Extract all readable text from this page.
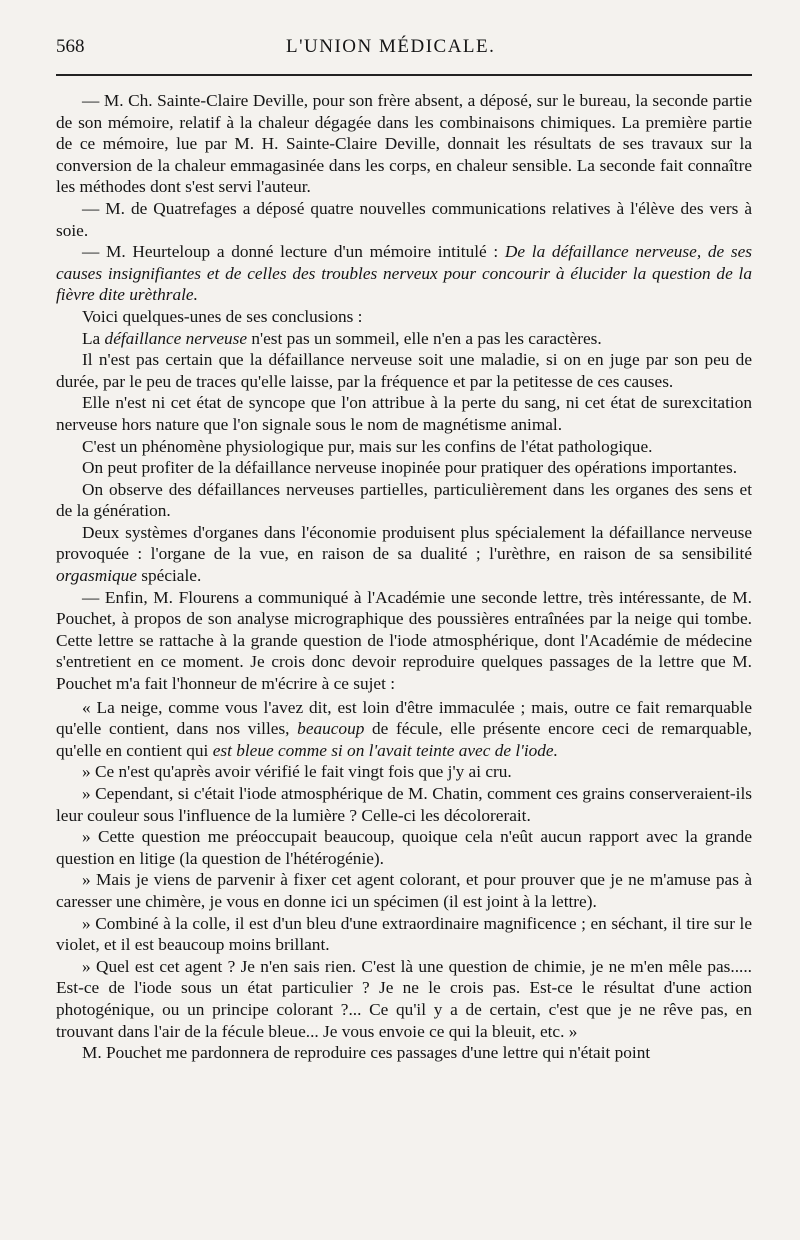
568	L'UNION MÉDICALE.

— M. Ch. Sainte-Claire Deville, pour son frère absent, a déposé, sur le bureau, la seconde partie de son mémoire, relatif à la chaleur dégagée dans les combinaisons chimiques. La première partie de ce mémoire, lue par M. H. Sainte-Claire Deville, donnait les résultats de ses travaux sur la conversion de la chaleur emmagasinée dans les corps, en chaleur sensible. La seconde fait connaître les méthodes dont s'est servi l'auteur.

— M. de Quatrefages a déposé quatre nouvelles communications relatives à l'élève des vers à soie.

— M. Heurteloup a donné lecture d'un mémoire intitulé : De la défaillance nerveuse, de ses causes insignifiantes et de celles des troubles nerveux pour concourir à élucider la question de la fièvre dite urèthrale.

Voici quelques-unes de ses conclusions :

La défaillance nerveuse n'est pas un sommeil, elle n'en a pas les caractères.

Il n'est pas certain que la défaillance nerveuse soit une maladie, si on en juge par son peu de durée, par le peu de traces qu'elle laisse, par la fréquence et par la petitesse de ces causes.

Elle n'est ni cet état de syncope que l'on attribue à la perte du sang, ni cet état de surexcitation nerveuse hors nature que l'on signale sous le nom de magnétisme animal.

C'est un phénomène physiologique pur, mais sur les confins de l'état pathologique.

On peut profiter de la défaillance nerveuse inopinée pour pratiquer des opérations importantes.

On observe des défaillances nerveuses partielles, particulièrement dans les organes des sens et de la génération.

Deux systèmes d'organes dans l'économie produisent plus spécialement la défaillance nerveuse provoquée : l'organe de la vue, en raison de sa dualité ; l'urèthre, en raison de sa sensibilité orgasmique spéciale.

— Enfin, M. Flourens a communiqué à l'Académie une seconde lettre, très intéressante, de M. Pouchet, à propos de son analyse micrographique des poussières entraînées par la neige qui tombe. Cette lettre se rattache à la grande question de l'iode atmosphérique, dont l'Académie de médecine s'entretient en ce moment. Je crois donc devoir reproduire quelques passages de la lettre que M. Pouchet m'a fait l'honneur de m'écrire à ce sujet :

« La neige, comme vous l'avez dit, est loin d'être immaculée ; mais, outre ce fait remarquable qu'elle contient, dans nos villes, beaucoup de fécule, elle présente encore ceci de remarquable, qu'elle en contient qui est bleue comme si on l'avait teinte avec de l'iode.

» Ce n'est qu'après avoir vérifié le fait vingt fois que j'y ai cru.

» Cependant, si c'était l'iode atmosphérique de M. Chatin, comment ces grains conserveraient-ils leur couleur sous l'influence de la lumière ? Celle-ci les décolorerait.

» Cette question me préoccupait beaucoup, quoique cela n'eût aucun rapport avec la grande question en litige (la question de l'hétérogénie).

» Mais je viens de parvenir à fixer cet agent colorant, et pour prouver que je ne m'amuse pas à caresser une chimère, je vous en donne ici un spécimen (il est joint à la lettre).

» Combiné à la colle, il est d'un bleu d'une extraordinaire magnificence ; en séchant, il tire sur le violet, et il est beaucoup moins brillant.

» Quel est cet agent ? Je n'en sais rien. C'est là une question de chimie, je ne m'en mêle pas..... Est-ce de l'iode sous un état particulier ? Je ne le crois pas. Est-ce le résultat d'une action photogénique, ou un principe colorant ?... Ce qu'il y a de certain, c'est que je ne rêve pas, en trouvant dans l'air de la fécule bleue... Je vous envoie ce qui la bleuit, etc. »

M. Pouchet me pardonnera de reproduire ces passages d'une lettre qui n'était point
